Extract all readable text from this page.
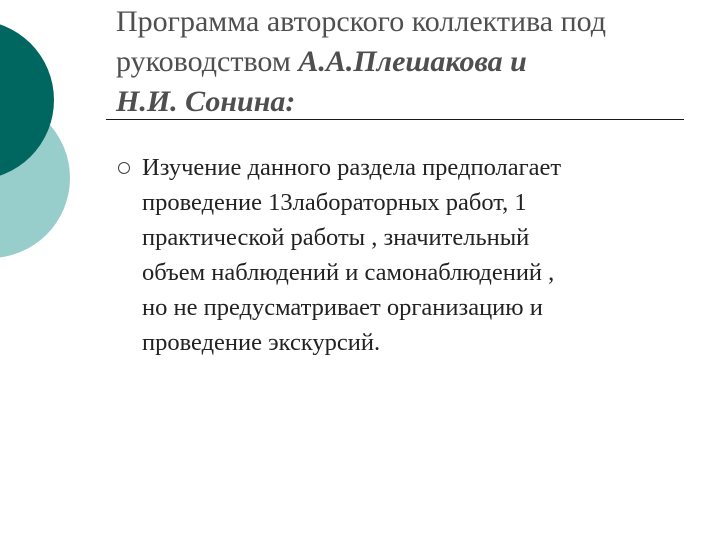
Программа авторского коллектива под
руководством А.А.Плешакова и
Н.И. Сонина:
Изучение данного раздела предполагает
проведение 13лабораторных работ, 1
практической работы , значительный
объем наблюдений и самонаблюдений ,
но не предусматривает организацию и
проведение экскурсий.
